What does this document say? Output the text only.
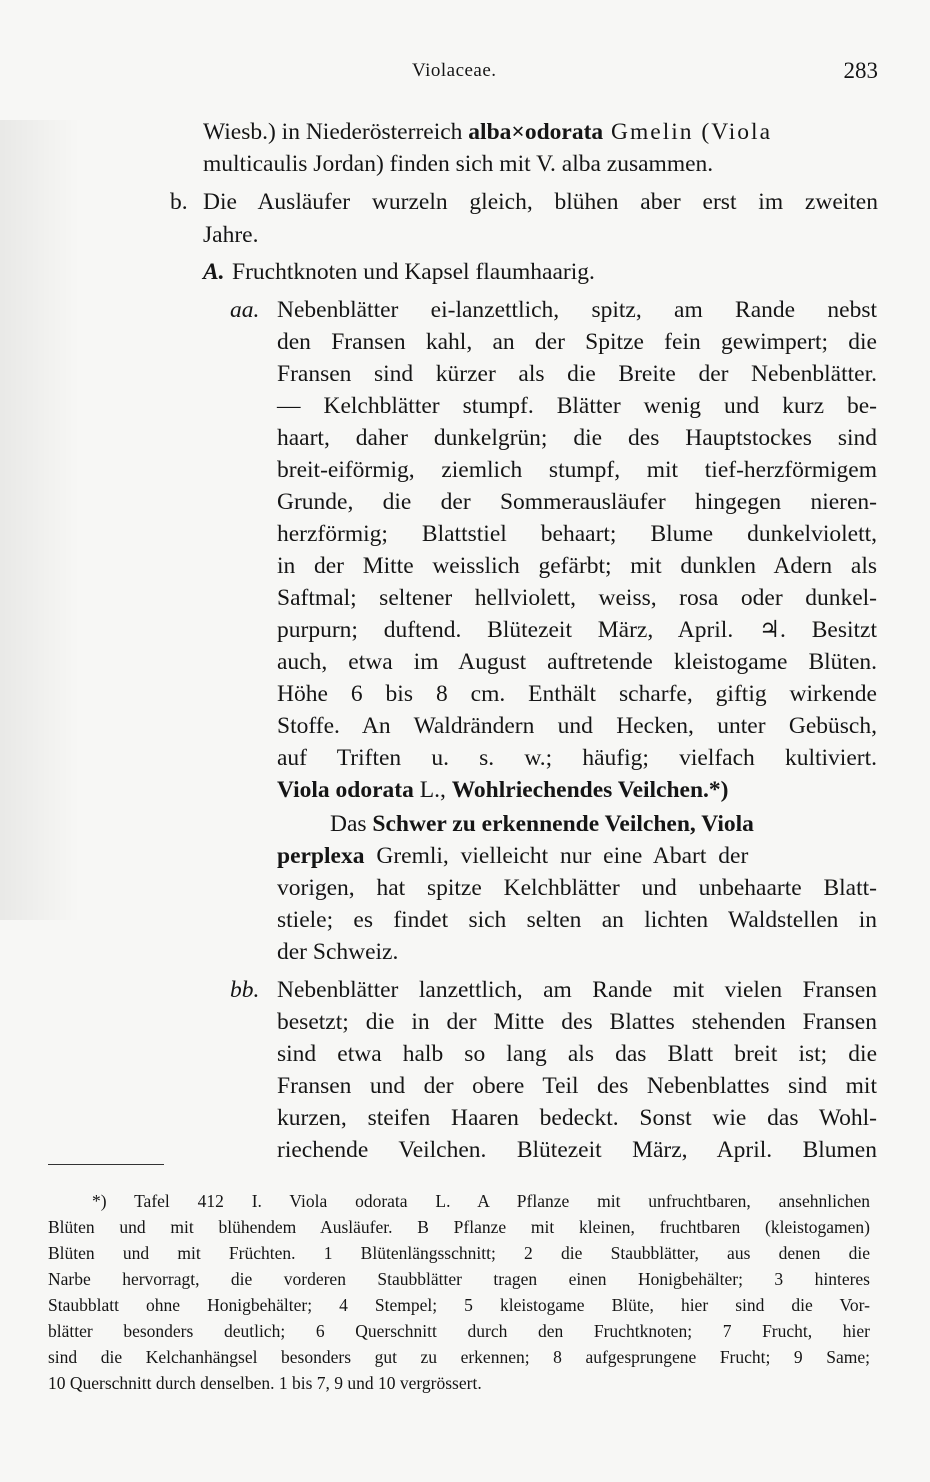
Violaceae.	283
Wiesb.) in Niederösterreich alba×odorata Gmelin (Viola
multicaulis Jordan) finden sich mit V. alba zusammen.
b. Die Ausläufer wurzeln gleich, blühen aber erst im zweiten
Jahre.
A. Fruchtknoten und Kapsel flaumhaarig.
aa. Nebenblätter ei-lanzettlich, spitz, am Rande nebst
den Fransen kahl, an der Spitze fein gewimpert; die
Fransen sind kürzer als die Breite der Nebenblätter.
— Kelchblätter stumpf. Blätter wenig und kurz be-
haart, daher dunkelgrün; die des Hauptstockes sind
breit-eiförmig, ziemlich stumpf, mit tief-herzförmigem
Grunde, die der Sommerausläufer hingegen nieren-
herzförmig; Blattstiel behaart; Blume dunkelviolett,
in der Mitte weisslich gefärbt; mit dunklen Adern als
Saftmal; seltener hellviolett, weiss, rosa oder dunkel-
purpurn; duftend. Blütezeit März, April. ♃. Besitzt
auch, etwa im August auftretende kleistogame Blüten.
Höhe 6 bis 8 cm. Enthält scharfe, giftig wirkende
Stoffe. An Waldrändern und Hecken, unter Gebüsch,
auf Triften u. s. w.; häufig; vielfach kultiviert.
Viola odorata L., Wohlriechendes Veilchen.*)
Das Schwer zu erkennende Veilchen, Viola
perplexa Gremli, vielleicht nur eine Abart der
vorigen, hat spitze Kelchblätter und unbehaarte Blatt-
stiele; es findet sich selten an lichten Waldstellen in
der Schweiz.
bb. Nebenblätter lanzettlich, am Rande mit vielen Fransen
besetzt; die in der Mitte des Blattes stehenden Fransen
sind etwa halb so lang als das Blatt breit ist; die
Fransen und der obere Teil des Nebenblattes sind mit
kurzen, steifen Haaren bedeckt. Sonst wie das Wohl-
riechende Veilchen. Blütezeit März, April. Blumen
*) Tafel 412 I. Viola odorata L. A Pflanze mit unfruchtbaren, ansehnlichen
Blüten und mit blühendem Ausläufer. B Pflanze mit kleinen, fruchtbaren (kleistogamen)
Blüten und mit Früchten. 1 Blütenlängsschnitt; 2 die Staubblätter, aus denen die
Narbe hervorragt, die vorderen Staubblätter tragen einen Honigbehälter; 3 hinteres
Staubblatt ohne Honigbehälter; 4 Stempel; 5 kleistogame Blüte, hier sind die Vor-
blätter besonders deutlich; 6 Querschnitt durch den Fruchtknoten; 7 Frucht, hier
sind die Kelchanhängsel besonders gut zu erkennen; 8 aufgesprungene Frucht; 9 Same;
10 Querschnitt durch denselben. 1 bis 7, 9 und 10 vergrössert.
